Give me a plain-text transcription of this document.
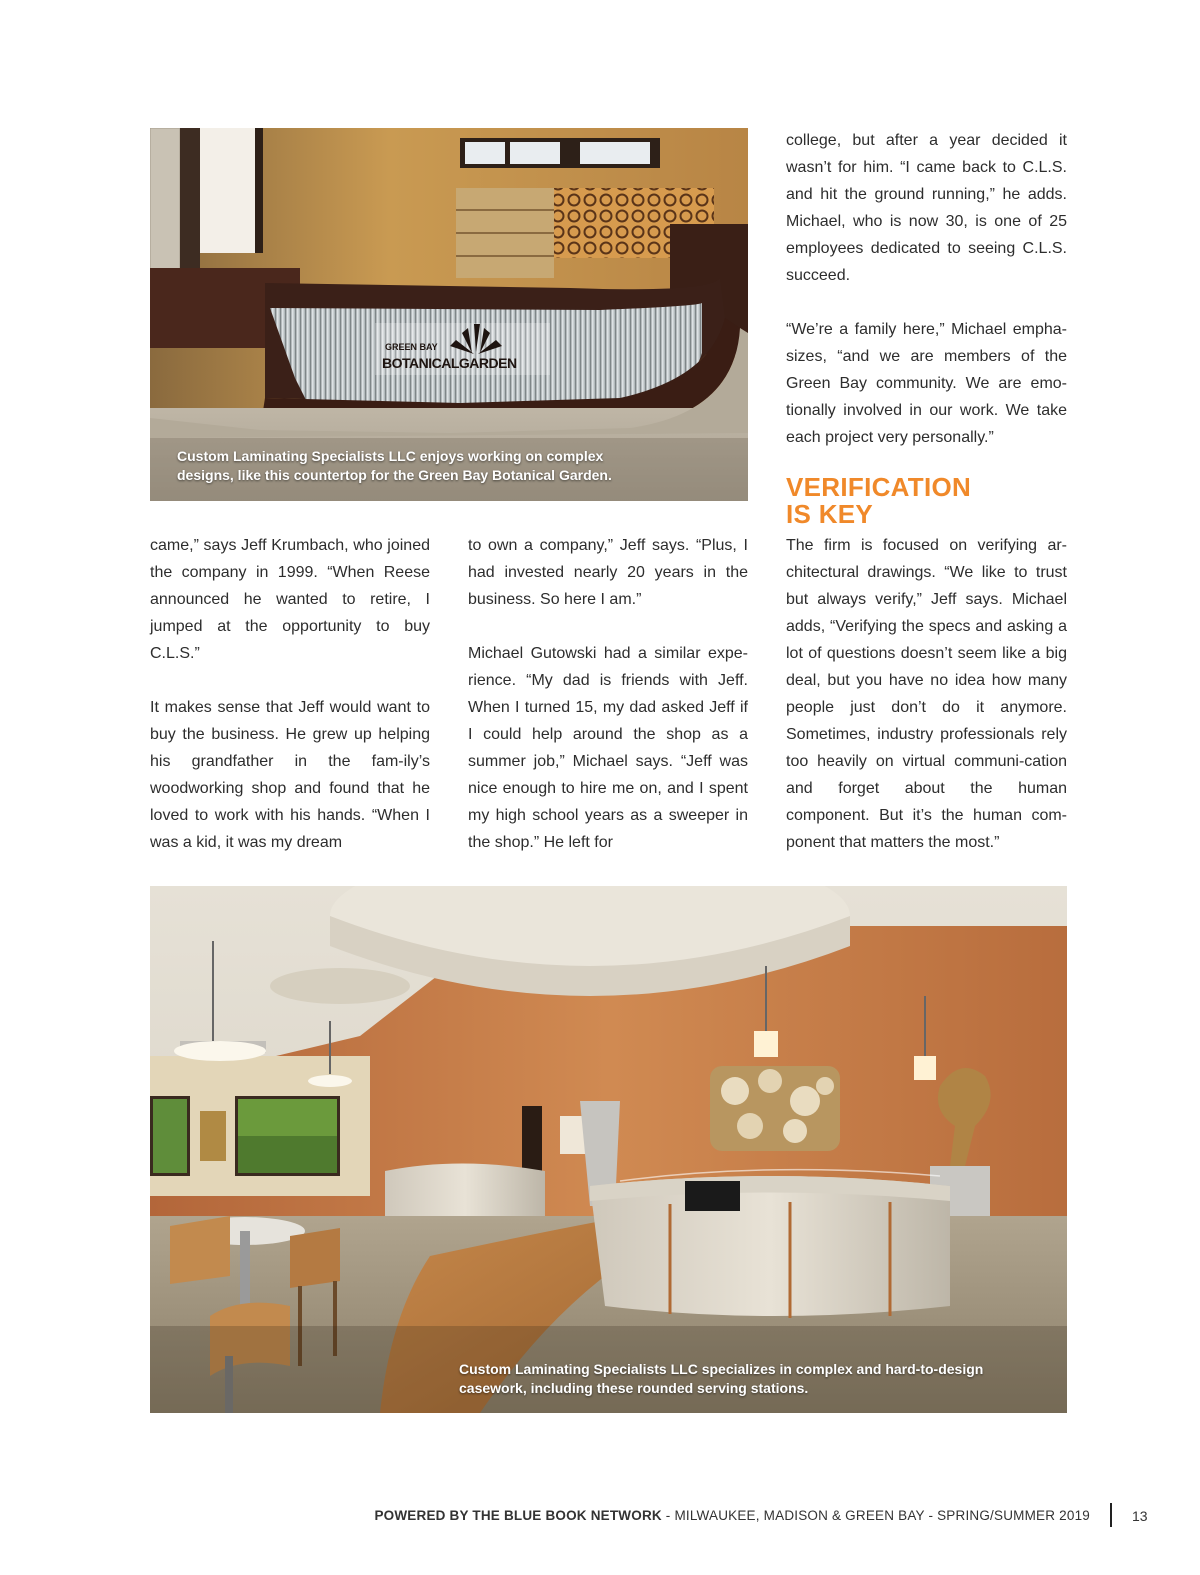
GREEN BAY
BOTANICALGARDEN
Custom Laminating Specialists LLC enjoys working on complex
designs, like this countertop for the Green Bay Botanical Garden.

college, but after a year decided it wasn’t for him. “I came back to C.L.S. and hit the ground running,” he adds. Michael, who is now 30, is one of 25 employees dedicated to seeing C.L.S. succeed.

“We’re a family here,” Michael empha-sizes, “and we are members of the Green Bay community. We are emo-tionally involved in our work. We take each project very personally.”

VERIFICATION
IS KEY

came,” says Jeff Krumbach, who joined the company in 1999. “When Reese announced he wanted to retire, I jumped at the opportunity to buy C.L.S.”

It makes sense that Jeff would want to buy the business. He grew up helping his grandfather in the fam-ily’s woodworking shop and found that he loved to work with his hands. “When I was a kid, it was my dream

to own a company,” Jeff says. “Plus, I had invested nearly 20 years in the business. So here I am.”

Michael Gutowski had a similar expe-rience. “My dad is friends with Jeff. When I turned 15, my dad asked Jeff if I could help around the shop as a summer job,” Michael says. “Jeff was nice enough to hire me on, and I spent my high school years as a sweeper in the shop.” He left for

The firm is focused on verifying ar-chitectural drawings. “We like to trust but always verify,” Jeff says. Michael adds, “Verifying the specs and asking a lot of questions doesn’t seem like a big deal, but you have no idea how many people just don’t do it anymore. Sometimes, industry professionals rely too heavily on virtual communi-cation and forget about the human component. But it’s the human com-ponent that matters the most.”

Custom Laminating Specialists LLC specializes in complex and hard-to-design
casework, including these rounded serving stations.
POWERED BY THE BLUE BOOK NETWORK - MILWAUKEE, MADISON & GREEN BAY - SPRING/SUMMER 2019	13
